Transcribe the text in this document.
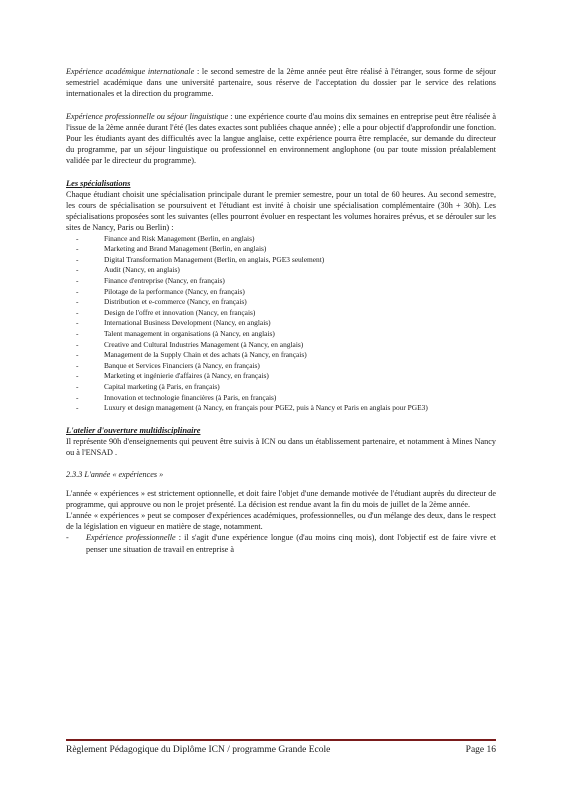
Expérience académique internationale : le second semestre de la 2ème année peut être réalisé à l'étranger, sous forme de séjour semestriel académique dans une université partenaire, sous réserve de l'acceptation du dossier par le service des relations internationales et la direction du programme.

Expérience professionnelle ou séjour linguistique : une expérience courte d'au moins dix semaines en entreprise peut être réalisée à l'issue de la 2ème année durant l'été (les dates exactes sont publiées chaque année) ; elle a pour objectif d'approfondir une fonction. Pour les étudiants ayant des difficultés avec la langue anglaise, cette expérience pourra être remplacée, sur demande du directeur du programme, par un séjour linguistique ou professionnel en environnement anglophone (ou par toute mission préalablement validée par le directeur du programme).

Les spécialisations

Chaque étudiant choisit une spécialisation principale durant le premier semestre, pour un total de 60 heures. Au second semestre, les cours de spécialisation se poursuivent et l'étudiant est invité à choisir une spécialisation complémentaire (30h + 30h). Les spécialisations proposées sont les suivantes (elles pourront évoluer en respectant les volumes horaires prévus, et se dérouler sur les sites de Nancy, Paris ou Berlin) :

- Finance and Risk Management (Berlin, en anglais)
- Marketing and Brand Management (Berlin, en anglais)
- Digital Transformation Management (Berlin, en anglais, PGE3 seulement)
- Audit (Nancy, en anglais)
- Finance d'entreprise (Nancy, en français)
- Pilotage de la performance (Nancy, en français)
- Distribution et e-commerce (Nancy, en français)
- Design de l'offre et innovation (Nancy, en français)
- International Business Development (Nancy, en anglais)
- Talent management in organisations (à Nancy, en anglais)
- Creative and Cultural Industries Management (à Nancy, en anglais)
- Management de la Supply Chain et des achats (à Nancy, en français)
- Banque et Services Financiers (à Nancy, en français)
- Marketing et ingénierie d'affaires (à Nancy, en français)
- Capital marketing (à Paris, en français)
- Innovation et technologie financières (à Paris, en français)
- Luxury et design management (à Nancy, en français pour PGE2, puis à Nancy et Paris en anglais pour PGE3)

L'atelier d'ouverture multidisciplinaire

Il représente 90h d'enseignements qui peuvent être suivis à ICN ou dans un établissement partenaire, et notamment à Mines Nancy ou à l'ENSAD .

2.3.3 L'année « expériences »

L'année « expériences » est strictement optionnelle, et doit faire l'objet d'une demande motivée de l'étudiant auprès du directeur de programme, qui approuve ou non le projet présenté. La décision est rendue avant la fin du mois de juillet de la 2ème année.

L'année « expériences » peut se composer d'expériences académiques, professionnelles, ou d'un mélange des deux, dans le respect de la législation en vigueur en matière de stage, notamment.

- Expérience professionnelle : il s'agit d'une expérience longue (d'au moins cinq mois), dont l'objectif est de faire vivre et penser une situation de travail en entreprise à
Règlement Pédagogique du Diplôme ICN / programme Grande Ecole	Page 16
